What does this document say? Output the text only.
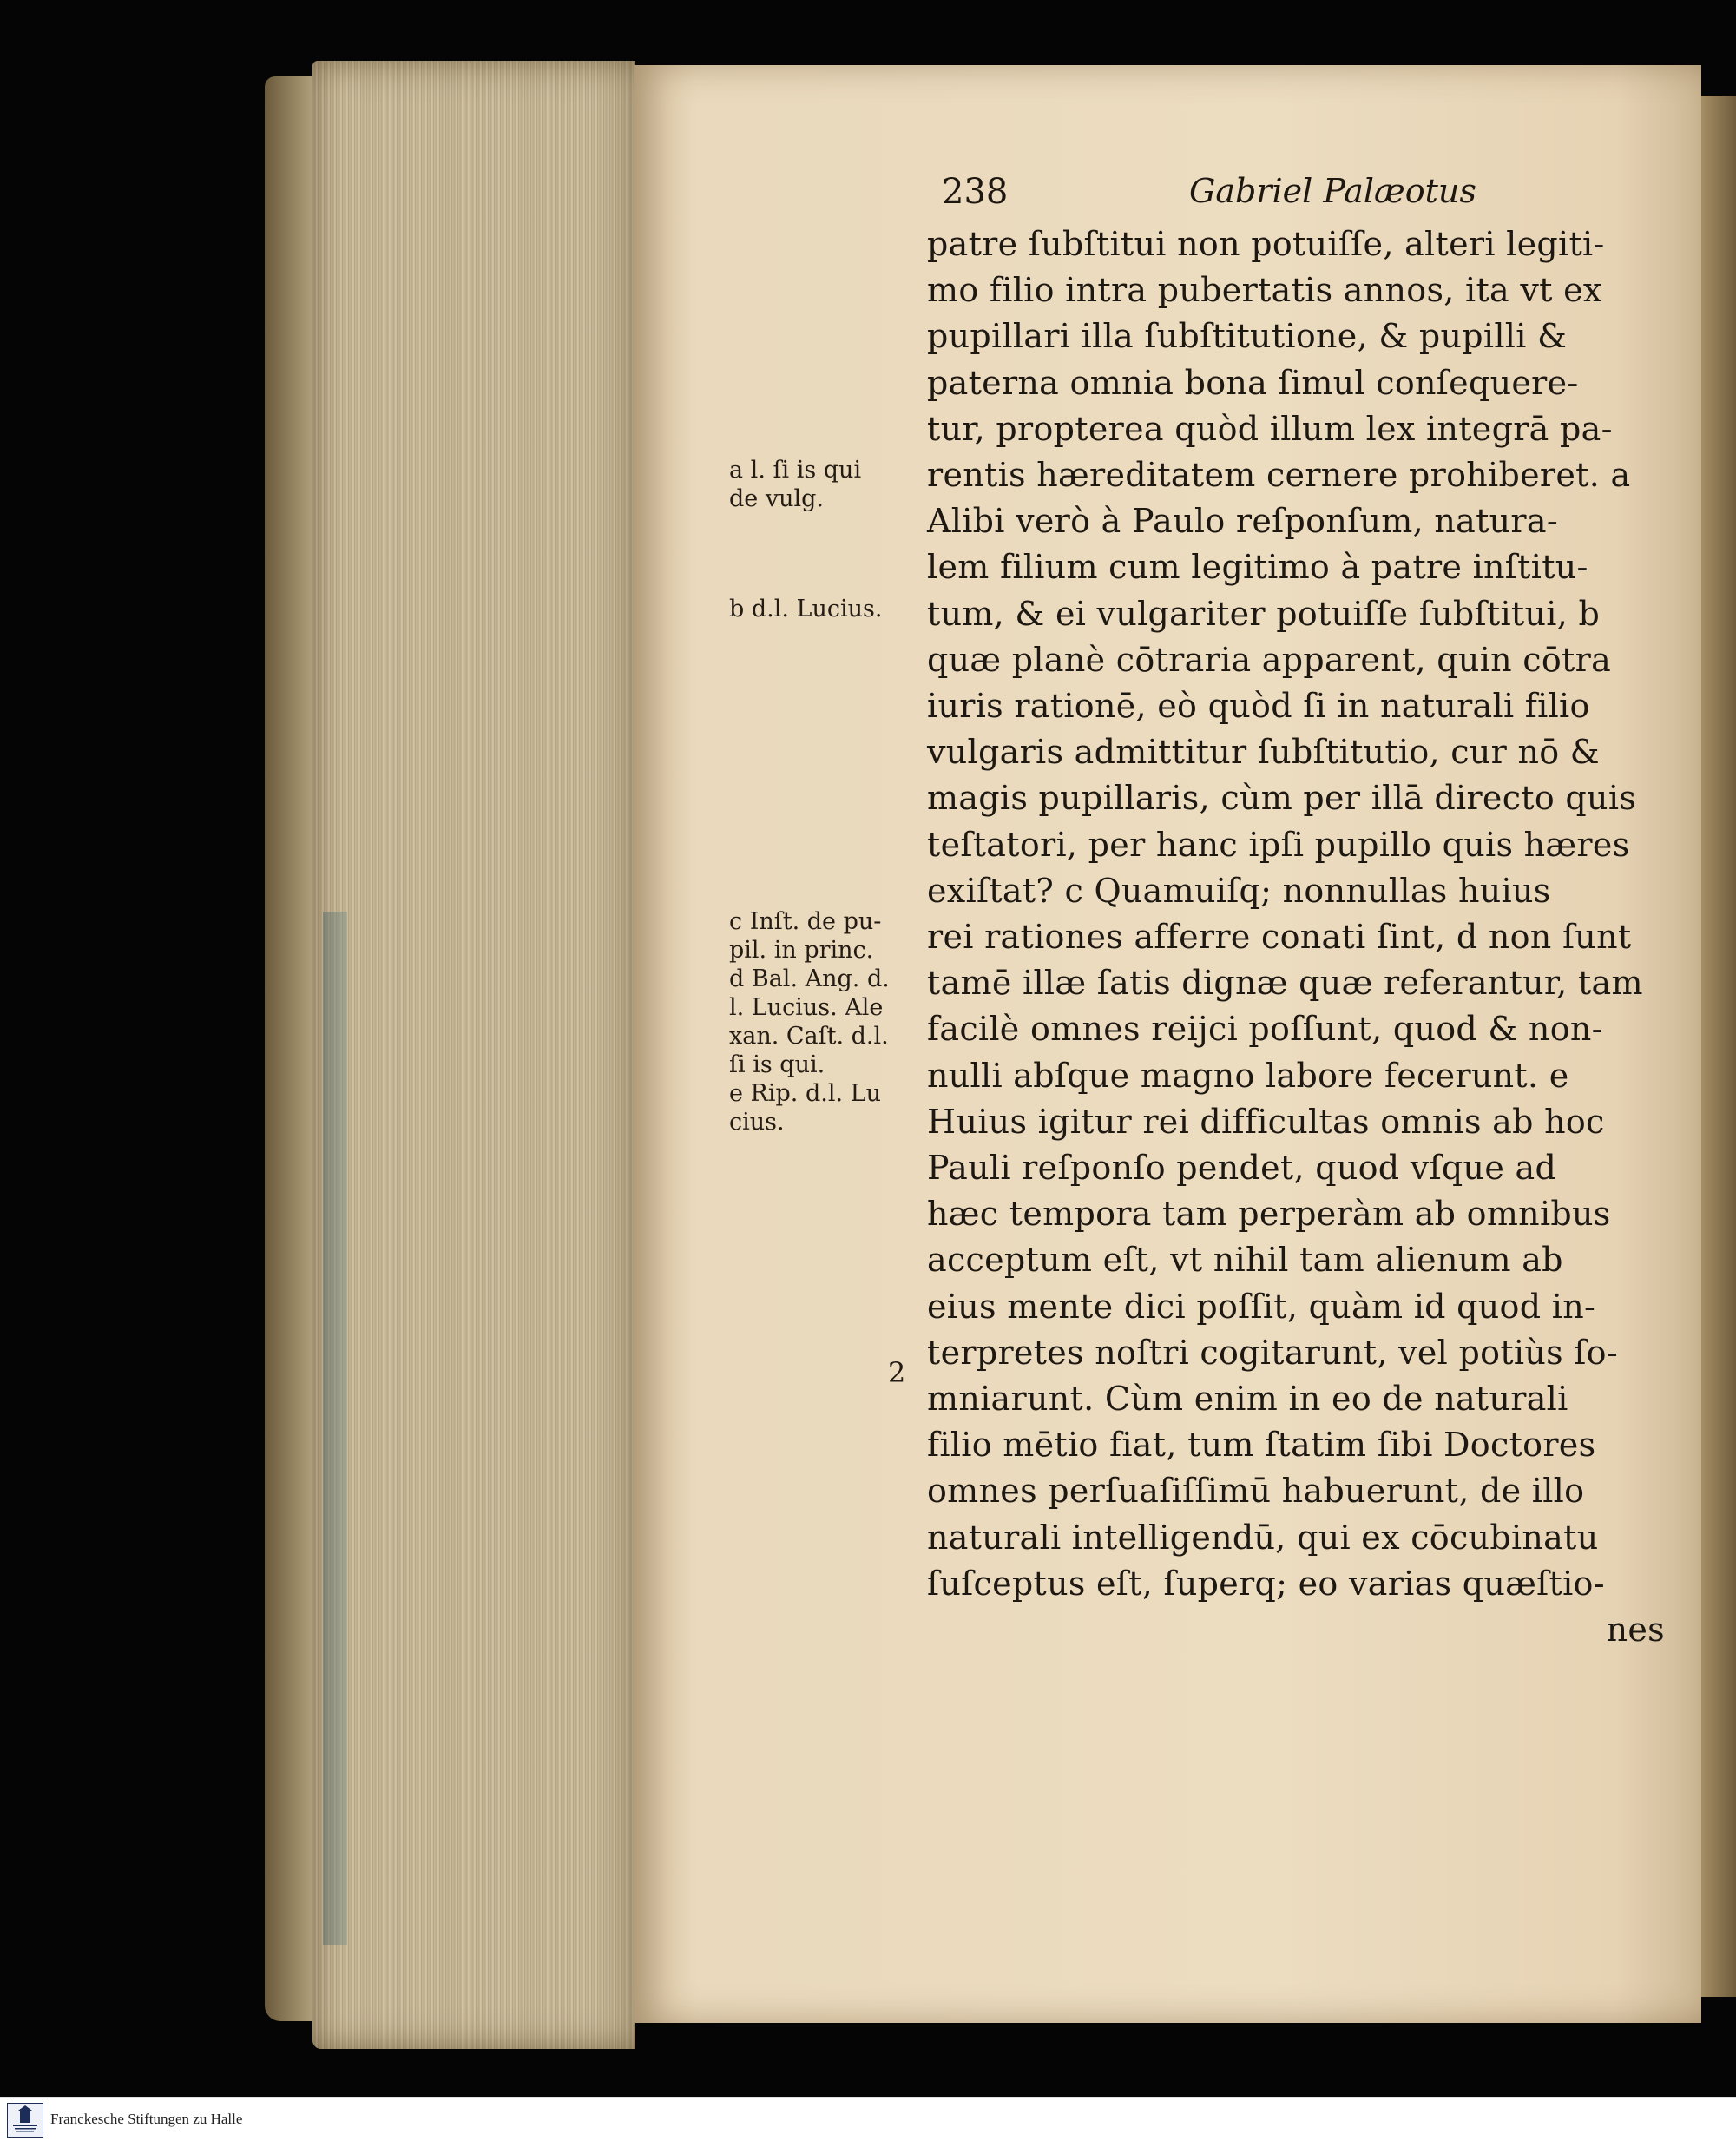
238	Gabriel Palæotus
patre ſubſtitui non potuiſſe, alteri legiti-
mo filio intra pubertatis annos, ita vt ex
pupillari illa ſubſtitutione, & pupilli &
paterna omnia bona ſimul conſequere-
tur, propterea quòd illum lex integrā pa-
rentis hæreditatem cernere prohiberet. a
Alibi verò à Paulo reſponſum, natura-
lem filium cum legitimo à patre inſtitu-
tum, & ei vulgariter potuiſſe ſubſtitui, b
quæ planè cōtraria apparent, quin cōtra
iuris rationē, eò quòd ſi in naturali filio
vulgaris admittitur ſubſtitutio, cur nō &
magis pupillaris, cùm per illā directo quis
teſtatori, per hanc ipſi pupillo quis hæres
exiſtat? c Quamuiſq; nonnullas huius
rei rationes afferre conati ſint, d non ſunt
tamē illæ ſatis dignæ quæ referantur, tam
facilè omnes reijci poſſunt, quod & non-
nulli abſque magno labore fecerunt. e
Huius igitur rei difficultas omnis ab hoc
Pauli reſponſo pendet, quod vſque ad
hæc tempora tam perperàm ab omnibus
acceptum eſt, vt nihil tam alienum ab
eius mente dici poſſit, quàm id quod in-
terpretes noſtri cogitarunt, vel potiùs ſo-
mniarunt. Cùm enim in eo de naturali
filio mētio fiat, tum ſtatim ſibi Doctores
omnes perſuaſiſſimū habuerunt, de illo
naturali intelligendū, qui ex cōcubinatu
ſuſceptus eſt, ſuperq; eo varias quæſtio-
nes
a l. ſi is qui
de vulg.
b d.l. Lucius.
c Inſt. de pu-
pil. in princ.
d Bal. Ang. d.
l. Lucius. Ale
xan. Caſt. d.l.
ſi is qui.
e Rip. d.l. Lu
cius.
2
Franckesche Stiftungen zu Halle
